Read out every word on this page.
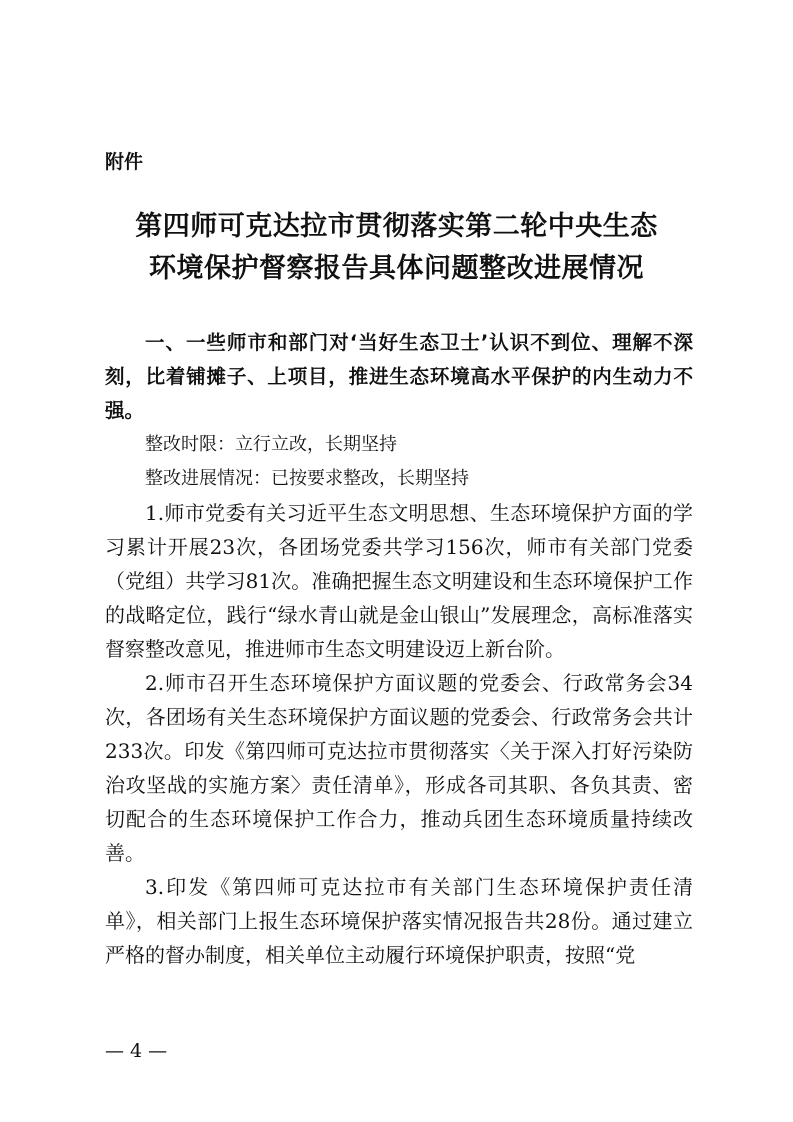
附件
第四师可克达拉市贯彻落实第二轮中央生态
环境保护督察报告具体问题整改进展情况

一、一些师市和部门对‘当好生态卫士’认识不到位、理解不深刻，比着铺摊子、上项目，推进生态环境高水平保护的内生动力不强。

整改时限：立行立改，长期坚持

整改进展情况：已按要求整改，长期坚持

1.师市党委有关习近平生态文明思想、生态环境保护方面的学习累计开展23次，各团场党委共学习156次，师市有关部门党委（党组）共学习81次。准确把握生态文明建设和生态环境保护工作的战略定位，践行“绿水青山就是金山银山”发展理念，高标准落实督察整改意见，推进师市生态文明建设迈上新台阶。

2.师市召开生态环境保护方面议题的党委会、行政常务会34次，各团场有关生态环境保护方面议题的党委会、行政常务会共计233次。印发《第四师可克达拉市贯彻落实〈关于深入打好污染防治攻坚战的实施方案〉责任清单》，形成各司其职、各负其责、密切配合的生态环境保护工作合力，推动兵团生态环境质量持续改善。

3.印发《第四师可克达拉市有关部门生态环境保护责任清单》，相关部门上报生态环境保护落实情况报告共28份。通过建立严格的督办制度，相关单位主动履行环境保护职责，按照“党

— 4 —
